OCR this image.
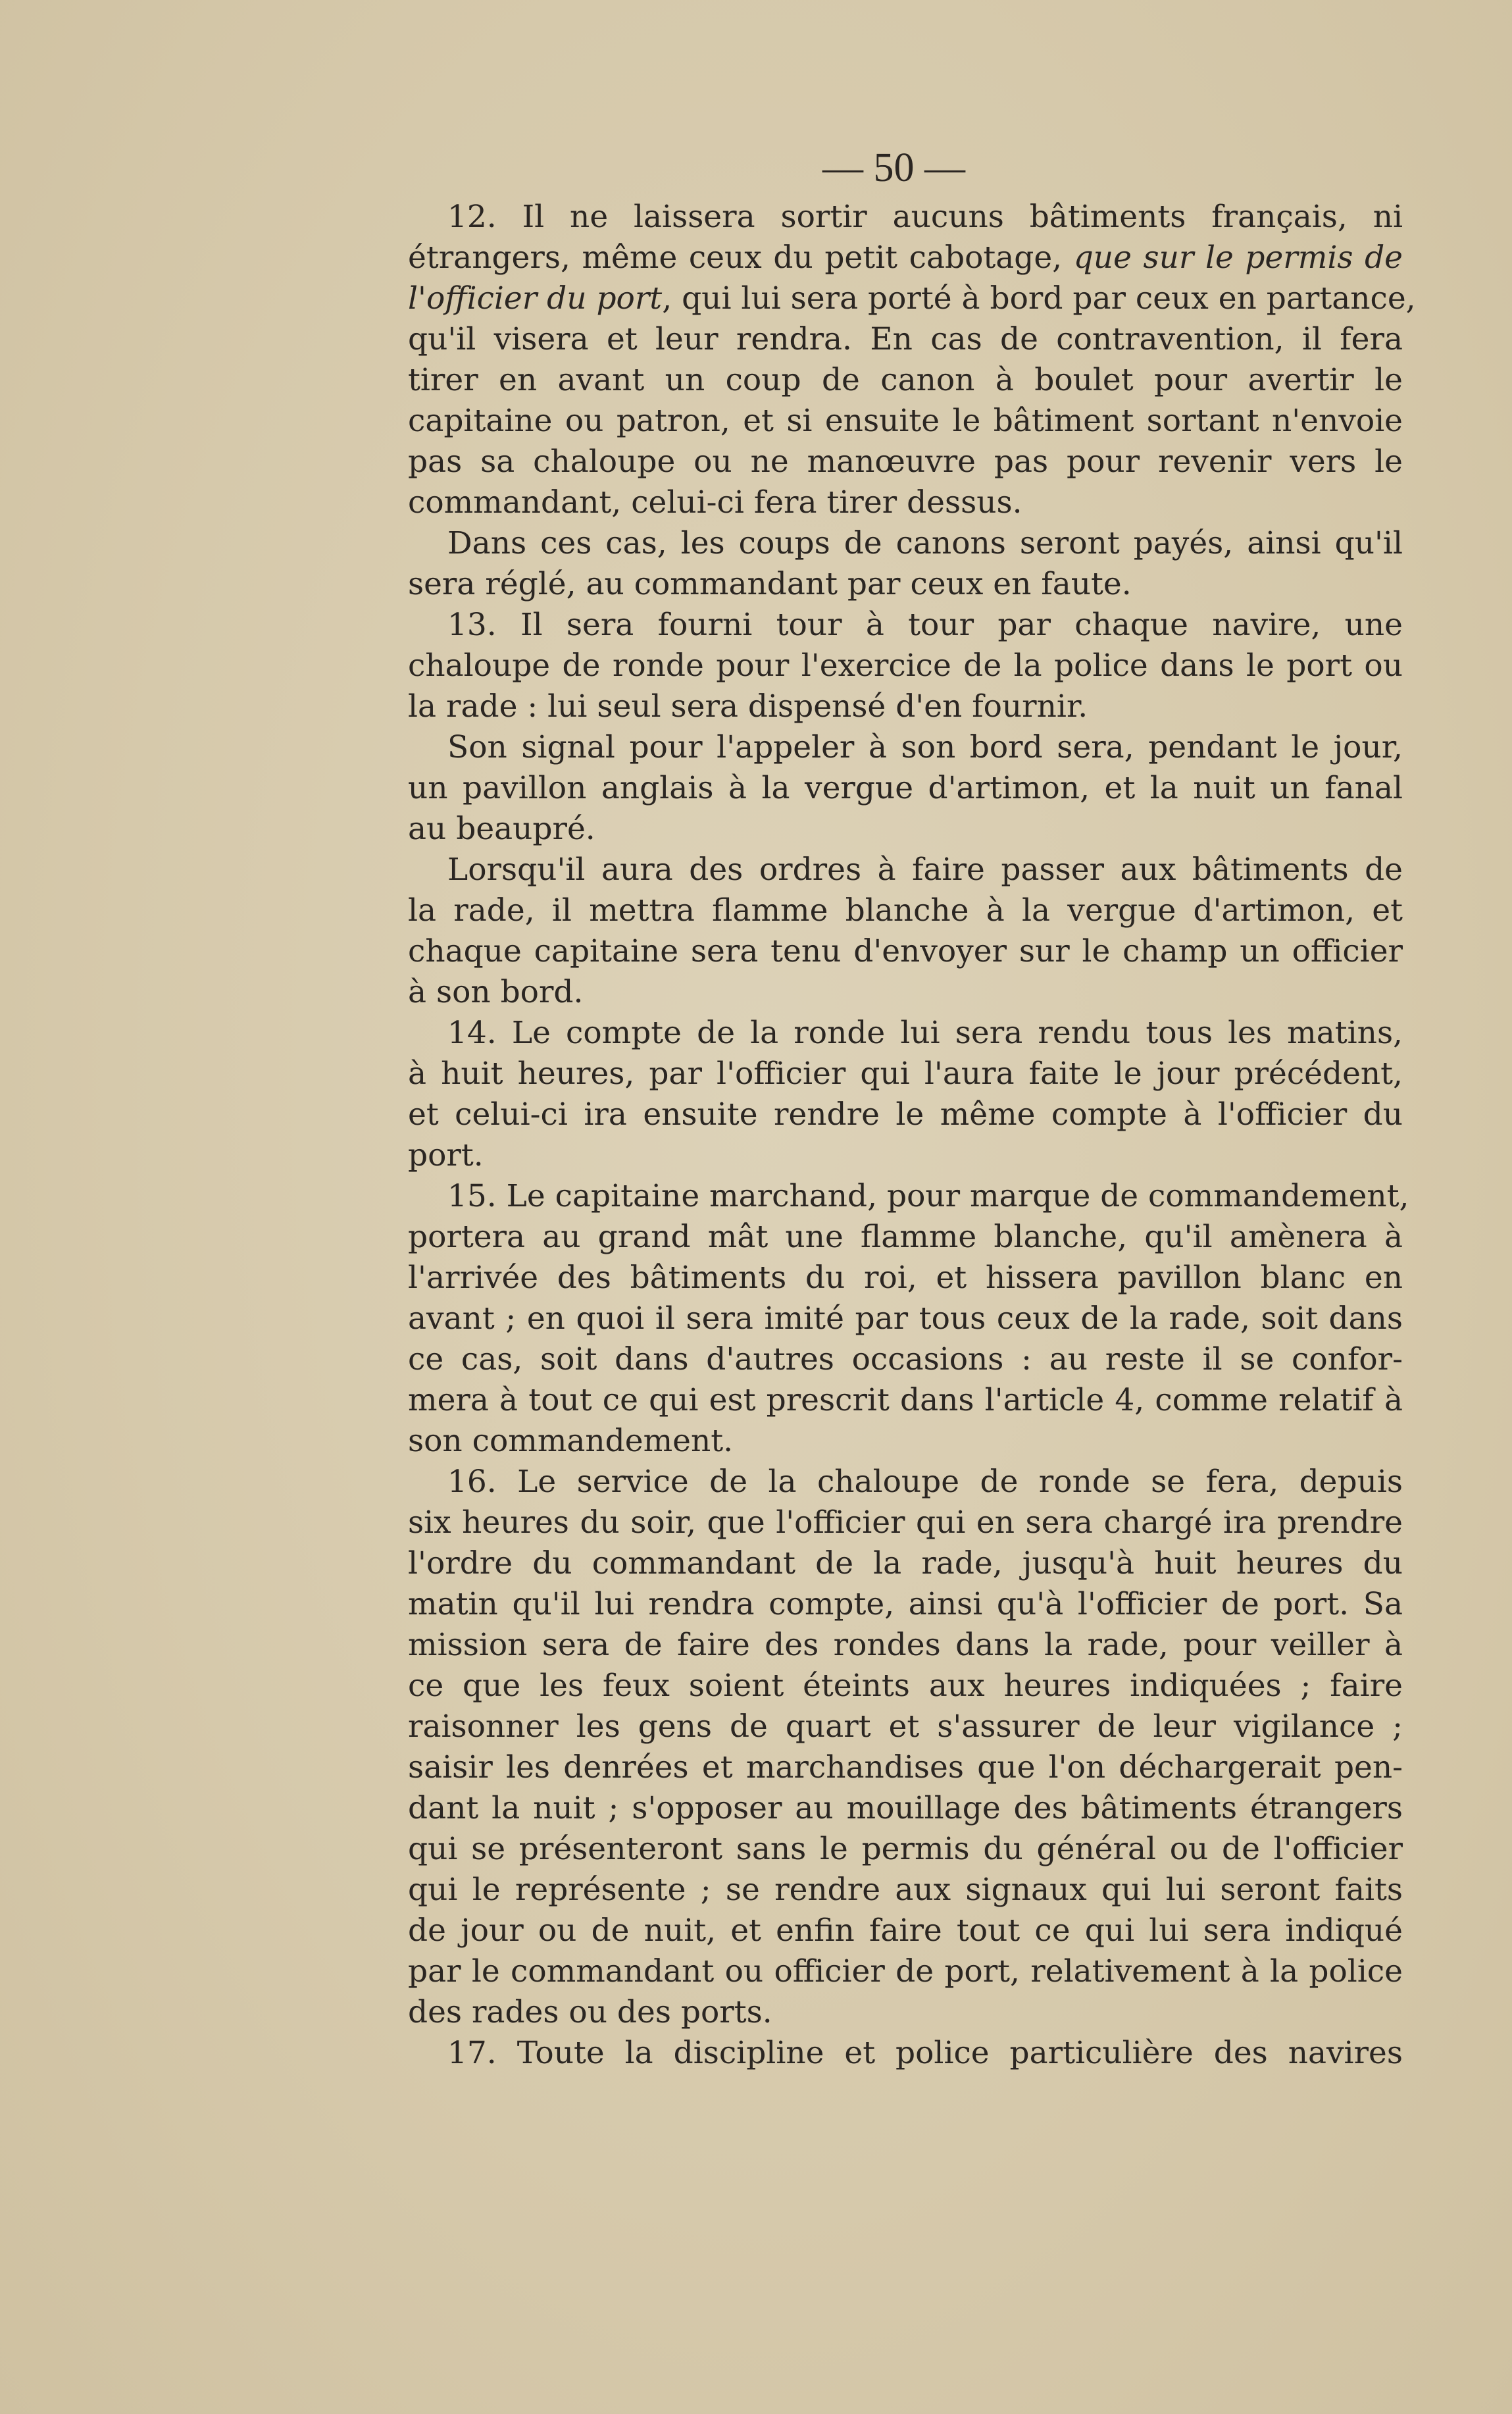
— 50 —
12. Il ne laissera sortir aucuns bâtiments français, ni
étrangers, même ceux du petit cabotage, que sur le permis de
l'officier du port, qui lui sera porté à bord par ceux en partance,
qu'il visera et leur rendra. En cas de contravention, il fera
tirer en avant un coup de canon à boulet pour avertir le
capitaine ou patron, et si ensuite le bâtiment sortant n'envoie
pas sa chaloupe ou ne manœuvre pas pour revenir vers le
commandant, celui-ci fera tirer dessus.
Dans ces cas, les coups de canons seront payés, ainsi qu'il
sera réglé, au commandant par ceux en faute.
13. Il sera fourni tour à tour par chaque navire, une
chaloupe de ronde pour l'exercice de la police dans le port ou
la rade : lui seul sera dispensé d'en fournir.
Son signal pour l'appeler à son bord sera, pendant le jour,
un pavillon anglais à la vergue d'artimon, et la nuit un fanal
au beaupré.
Lorsqu'il aura des ordres à faire passer aux bâtiments de
la rade, il mettra flamme blanche à la vergue d'artimon, et
chaque capitaine sera tenu d'envoyer sur le champ un officier
à son bord.
14. Le compte de la ronde lui sera rendu tous les matins,
à huit heures, par l'officier qui l'aura faite le jour précédent,
et celui-ci ira ensuite rendre le même compte à l'officier du
port.
15. Le capitaine marchand, pour marque de commandement,
portera au grand mât une flamme blanche, qu'il amènera à
l'arrivée des bâtiments du roi, et hissera pavillon blanc en
avant ; en quoi il sera imité par tous ceux de la rade, soit dans
ce cas, soit dans d'autres occasions : au reste il se confor-
mera à tout ce qui est prescrit dans l'article 4, comme relatif à
son commandement.
16. Le service de la chaloupe de ronde se fera, depuis
six heures du soir, que l'officier qui en sera chargé ira prendre
l'ordre du commandant de la rade, jusqu'à huit heures du
matin qu'il lui rendra compte, ainsi qu'à l'officier de port. Sa
mission sera de faire des rondes dans la rade, pour veiller à
ce que les feux soient éteints aux heures indiquées ; faire
raisonner les gens de quart et s'assurer de leur vigilance ;
saisir les denrées et marchandises que l'on déchargerait pen-
dant la nuit ; s'opposer au mouillage des bâtiments étrangers
qui se présenteront sans le permis du général ou de l'officier
qui le représente ; se rendre aux signaux qui lui seront faits
de jour ou de nuit, et enfin faire tout ce qui lui sera indiqué
par le commandant ou officier de port, relativement à la police
des rades ou des ports.
17. Toute la discipline et police particulière des navires
